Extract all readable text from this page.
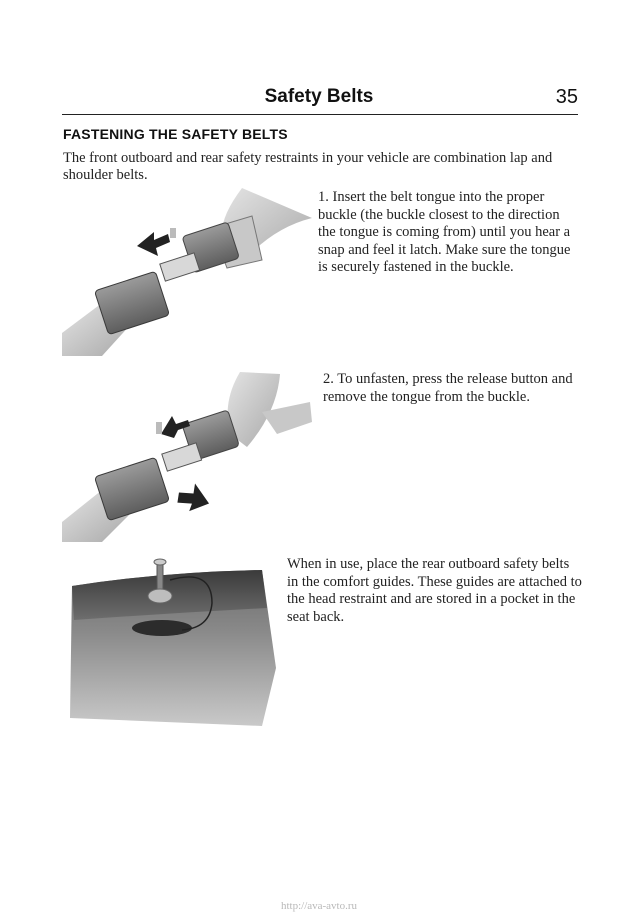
Safety Belts	35
FASTENING THE SAFETY BELTS
The front outboard and rear safety restraints in your vehicle are combination lap and shoulder belts.
1. Insert the belt tongue into the proper buckle (the buckle closest to the direction the tongue is coming from) until you hear a snap and feel it latch. Make sure the tongue is securely fastened in the buckle.
2. To unfasten, press the release button and remove the tongue from the buckle.
When in use, place the rear outboard safety belts in the comfort guides. These guides are attached to the head restraint and are stored in a pocket in the seat back.
http://ava-avto.ru
